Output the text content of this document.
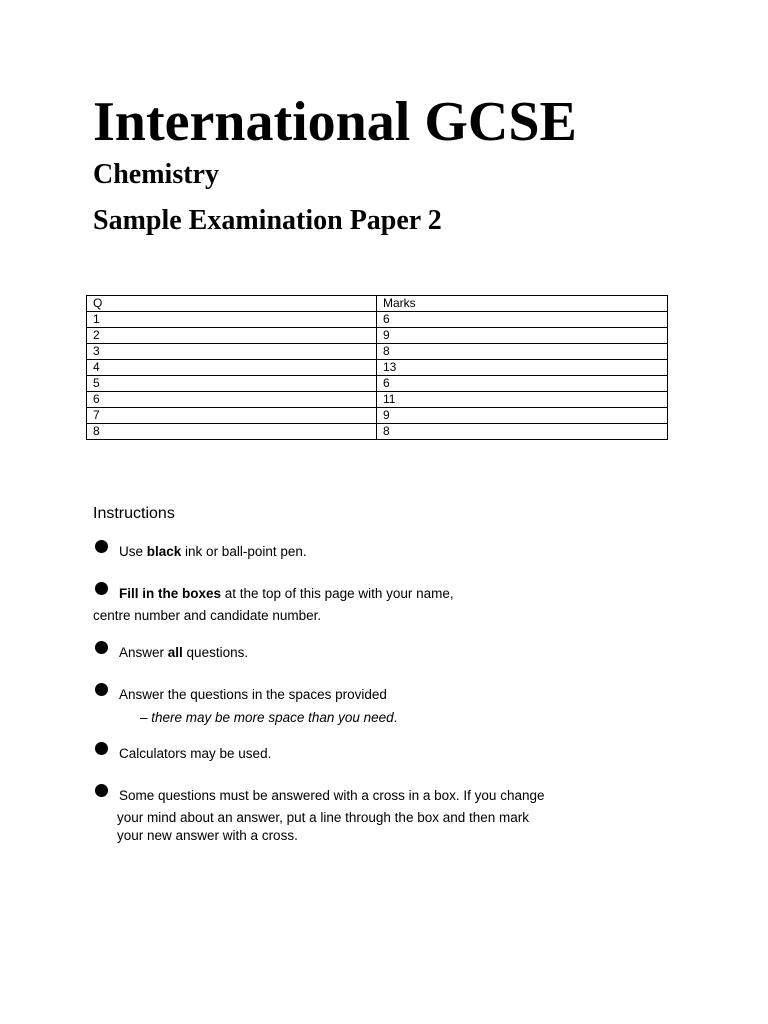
International GCSE
Chemistry
Sample Examination Paper 2
Q	Marks
1	6
2	9
3	8
4	13
5	6
6	11
7	9
8	8
Instructions
Use black ink or ball-point pen.
Fill in the boxes at the top of this page with your name,
centre number and candidate number.
Answer all questions.
Answer the questions in the spaces provided
– there may be more space than you need.
Calculators may be used.
Some questions must be answered with a cross in a box. If you change
your mind about an answer, put a line through the box and then mark
your new answer with a cross.
